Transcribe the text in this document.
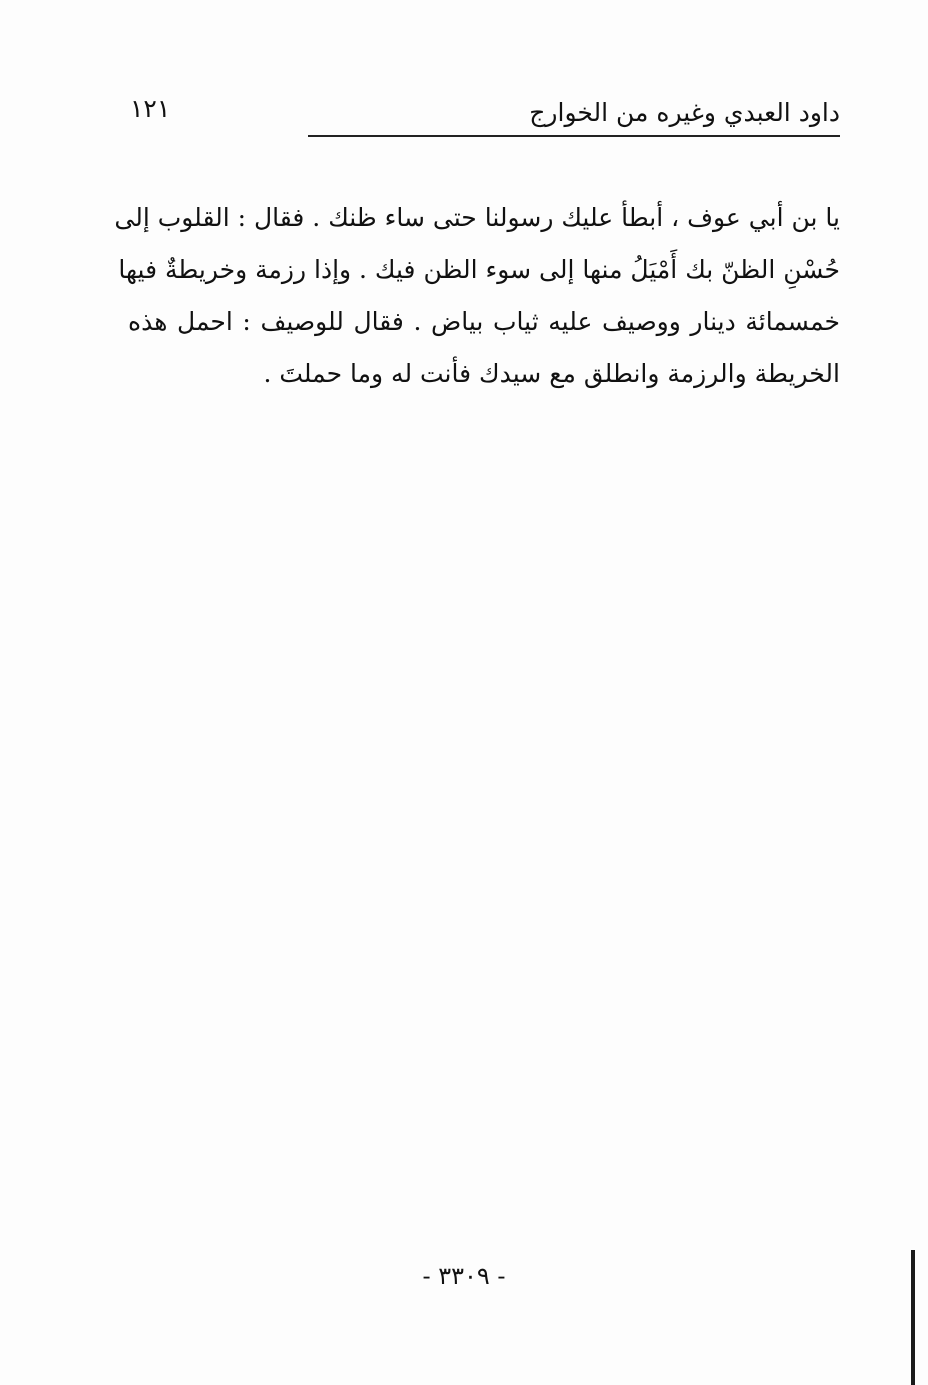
داود العبدي وغيره من الخوارج
١٢١
يا بن أبي عوف ، أبطأ عليك رسولنا حتى ساء ظنك . فقال : القلوب إلى
حُسْنِ الظنّ بك أَمْيَلُ منها إلى سوء الظن فيك . وإذا رزمة وخريطةٌ فيها
خمسمائة دينار ووصيف عليه ثياب بياض . فقال للوصيف : احمل هذه
الخريطة والرزمة وانطلق مع سيدك فأنت له وما حملتَ .
- ٣٣٠٩ -
